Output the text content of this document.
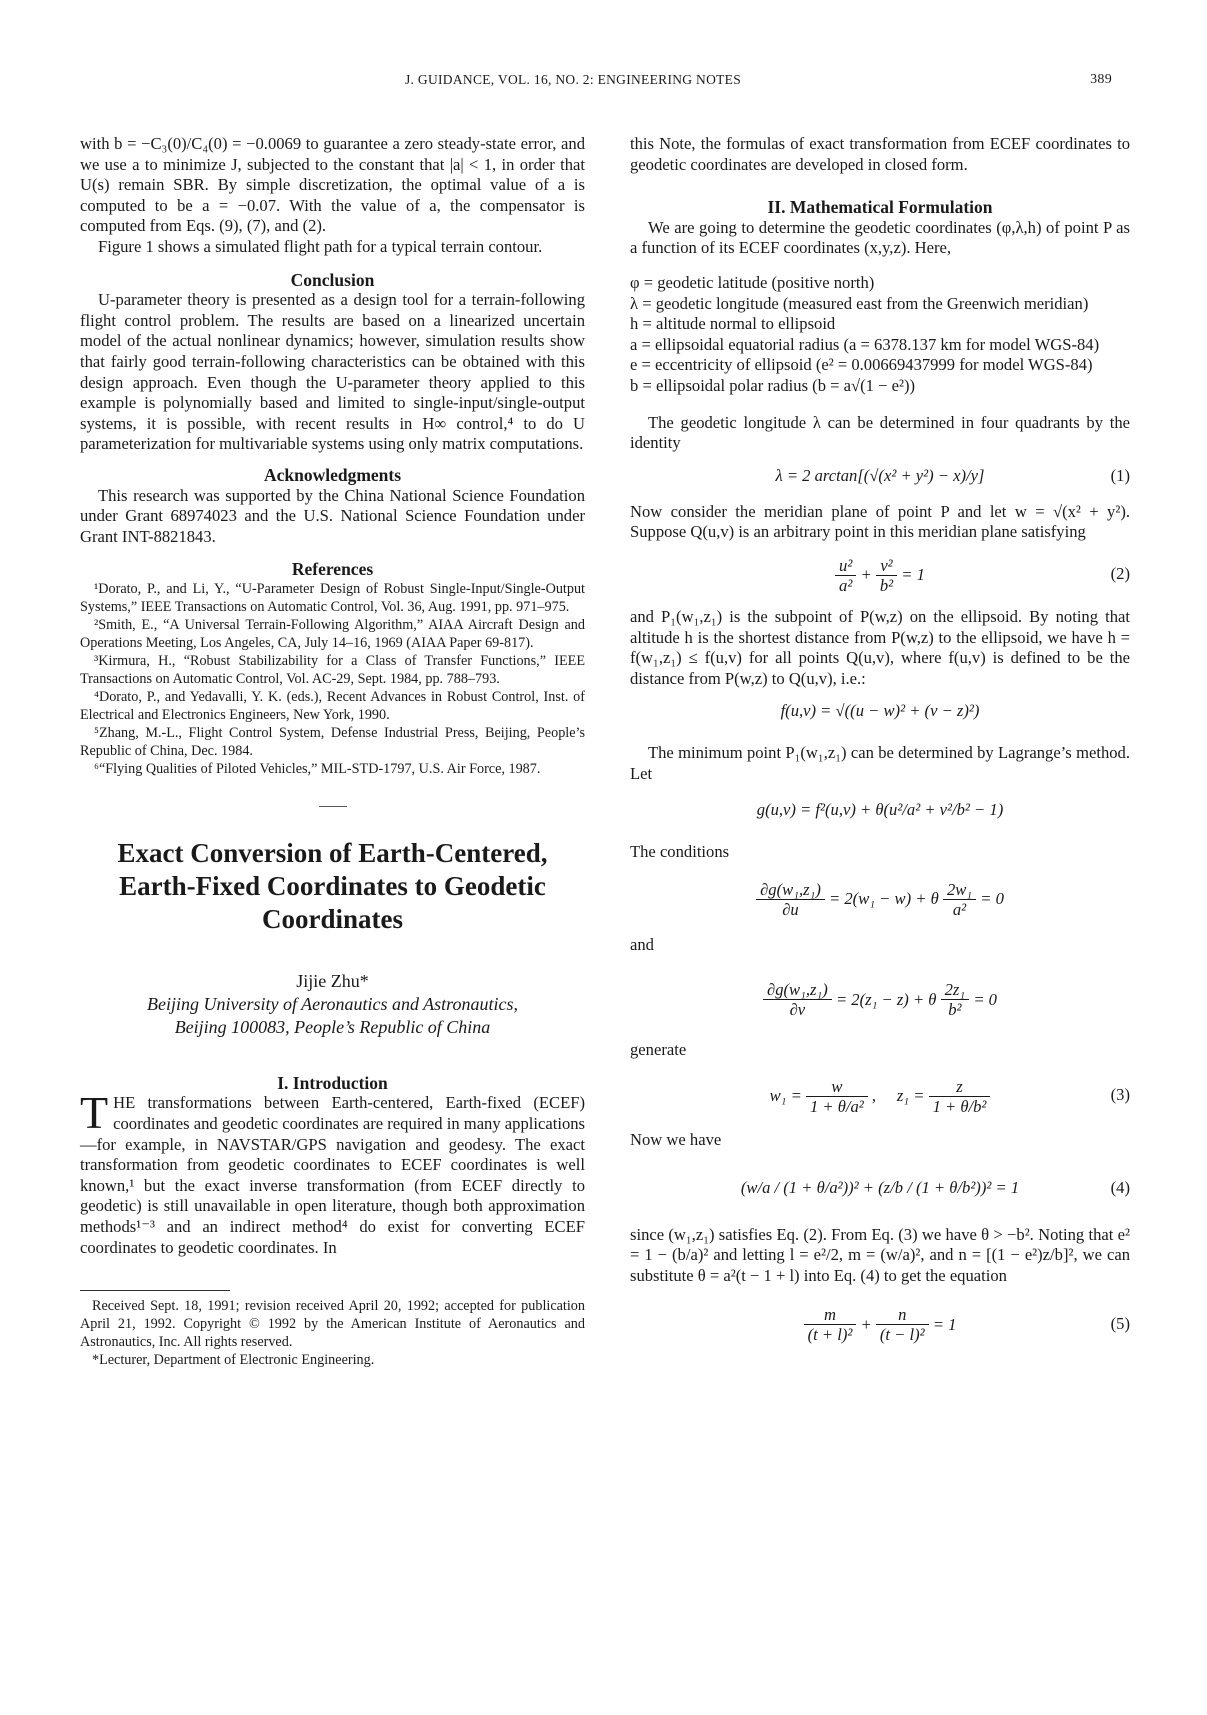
J. GUIDANCE, VOL. 16, NO. 2: ENGINEERING NOTES	389

with b = −C₃(0)/C₄(0) = −0.0069 to guarantee a zero steady-state error, and we use a to minimize J, subjected to the constant that |a| < 1, in order that U(s) remain SBR. By simple discretization, the optimal value of a is computed to be a = −0.07. With the value of a, the compensator is computed from Eqs. (9), (7), and (2).

Figure 1 shows a simulated flight path for a typical terrain contour.

Conclusion

U-parameter theory is presented as a design tool for a terrain-following flight control problem. The results are based on a linearized uncertain model of the actual nonlinear dynamics; however, simulation results show that fairly good terrain-following characteristics can be obtained with this design approach. Even though the U-parameter theory applied to this example is polynomially based and limited to single-input/single-output systems, it is possible, with recent results in H∞ control,⁴ to do U parameterization for multivariable systems using only matrix computations.

Acknowledgments

This research was supported by the China National Science Foundation under Grant 68974023 and the U.S. National Science Foundation under Grant INT-8821843.

References

¹Dorato, P., and Li, Y., “U-Parameter Design of Robust Single-Input/Single-Output Systems,” IEEE Transactions on Automatic Control, Vol. 36, Aug. 1991, pp. 971–975.

²Smith, E., “A Universal Terrain-Following Algorithm,” AIAA Aircraft Design and Operations Meeting, Los Angeles, CA, July 14–16, 1969 (AIAA Paper 69-817).

³Kirmura, H., “Robust Stabilizability for a Class of Transfer Functions,” IEEE Transactions on Automatic Control, Vol. AC-29, Sept. 1984, pp. 788–793.

⁴Dorato, P., and Yedavalli, Y. K. (eds.), Recent Advances in Robust Control, Inst. of Electrical and Electronics Engineers, New York, 1990.

⁵Zhang, M.-L., Flight Control System, Defense Industrial Press, Beijing, People’s Republic of China, Dec. 1984.

⁶“Flying Qualities of Piloted Vehicles,” MIL-STD-1797, U.S. Air Force, 1987.

Exact Conversion of Earth-Centered, Earth-Fixed Coordinates to Geodetic Coordinates
Jijie Zhu*
Beijing University of Aeronautics and Astronautics,
Beijing 100083, People’s Republic of China
I. Introduction

T HE transformations between Earth-centered, Earth-fixed (ECEF) coordinates and geodetic coordinates are required in many applications—for example, in NAVSTAR/GPS navigation and geodesy. The exact transformation from geodetic coordinates to ECEF coordinates is well known,¹ but the exact inverse transformation (from ECEF directly to geodetic) is still unavailable in open literature, though both approximation methods¹⁻³ and an indirect method⁴ do exist for converting ECEF coordinates to geodetic coordinates. In

Received Sept. 18, 1991; revision received April 20, 1992; accepted for publication April 21, 1992. Copyright © 1992 by the American Institute of Aeronautics and Astronautics, Inc. All rights reserved.

*Lecturer, Department of Electronic Engineering.

this Note, the formulas of exact transformation from ECEF coordinates to geodetic coordinates are developed in closed form.

II. Mathematical Formulation

We are going to determine the geodetic coordinates (φ,λ,h) of point P as a function of its ECEF coordinates (x,y,z). Here,

φ = geodetic latitude (positive north)
λ = geodetic longitude (measured east from the Greenwich meridian)
h = altitude normal to ellipsoid
a = ellipsoidal equatorial radius (a = 6378.137 km for model WGS-84)
e = eccentricity of ellipsoid (e² = 0.00669437999 for model WGS-84)
b = ellipsoidal polar radius (b = a√(1 − e²))

The geodetic longitude λ can be determined in four quadrants by the identity

λ = 2 arctan[(√(x² + y²) − x)/y]	(1)

Now consider the meridian plane of point P and let w = √(x² + y²). Suppose Q(u,v) is an arbitrary point in this meridian plane satisfying

$\frac{\text{u²}}{\text{a²}} + \frac{\text{v²}}{\text{b²}} = 1$	(2)

and P₁(w₁,z₁) is the subpoint of P(w,z) on the ellipsoid. By noting that altitude h is the shortest distance from P(w,z) to the ellipsoid, we have h = f(w₁,z₁) ≤ f(u,v) for all points Q(u,v), where f(u,v) is defined to be the distance from P(w,z) to Q(u,v), i.e.:

f(u,v) = √((u − w)² + (v − z)²)

The minimum point P₁(w₁,z₁) can be determined by Lagrange’s method. Let

g(u,v) = f²(u,v) + θ(u²/a² + v²/b² − 1)

The conditions

$\frac{\text{∂g(w₁,z₁)}}{\partial u} = 2(w_1 - w) + \theta \frac{\text{2w₁}}{\text{a²}} = 0$

and

$\frac{\text{∂g(w₁,z₁)}}{\partial v} = 2(z_1 - z) + \theta \frac{\text{2z₁}}{\text{b²}} = 0$

generate

$w_1 = \frac{w}{\text{1 + θ/a²}}$ ,     $z_1 = \frac{z}{\text{1 + θ/b²}}$	(3)

Now we have

(w/a / (1 + θ/a²))² + (z/b / (1 + θ/b²))² = 1	(4)

since (w₁,z₁) satisfies Eq. (2). From Eq. (3) we have θ > −b². Noting that e² = 1 − (b/a)² and letting l = e²/2, m = (w/a)², and n = [(1 − e²)z/b]², we can substitute θ = a²(t − 1 + l) into Eq. (4) to get the equation

$\frac{m}{\text{(t + l)²}} + \frac{n}{\text{(t − l)²}} = 1$	(5)
